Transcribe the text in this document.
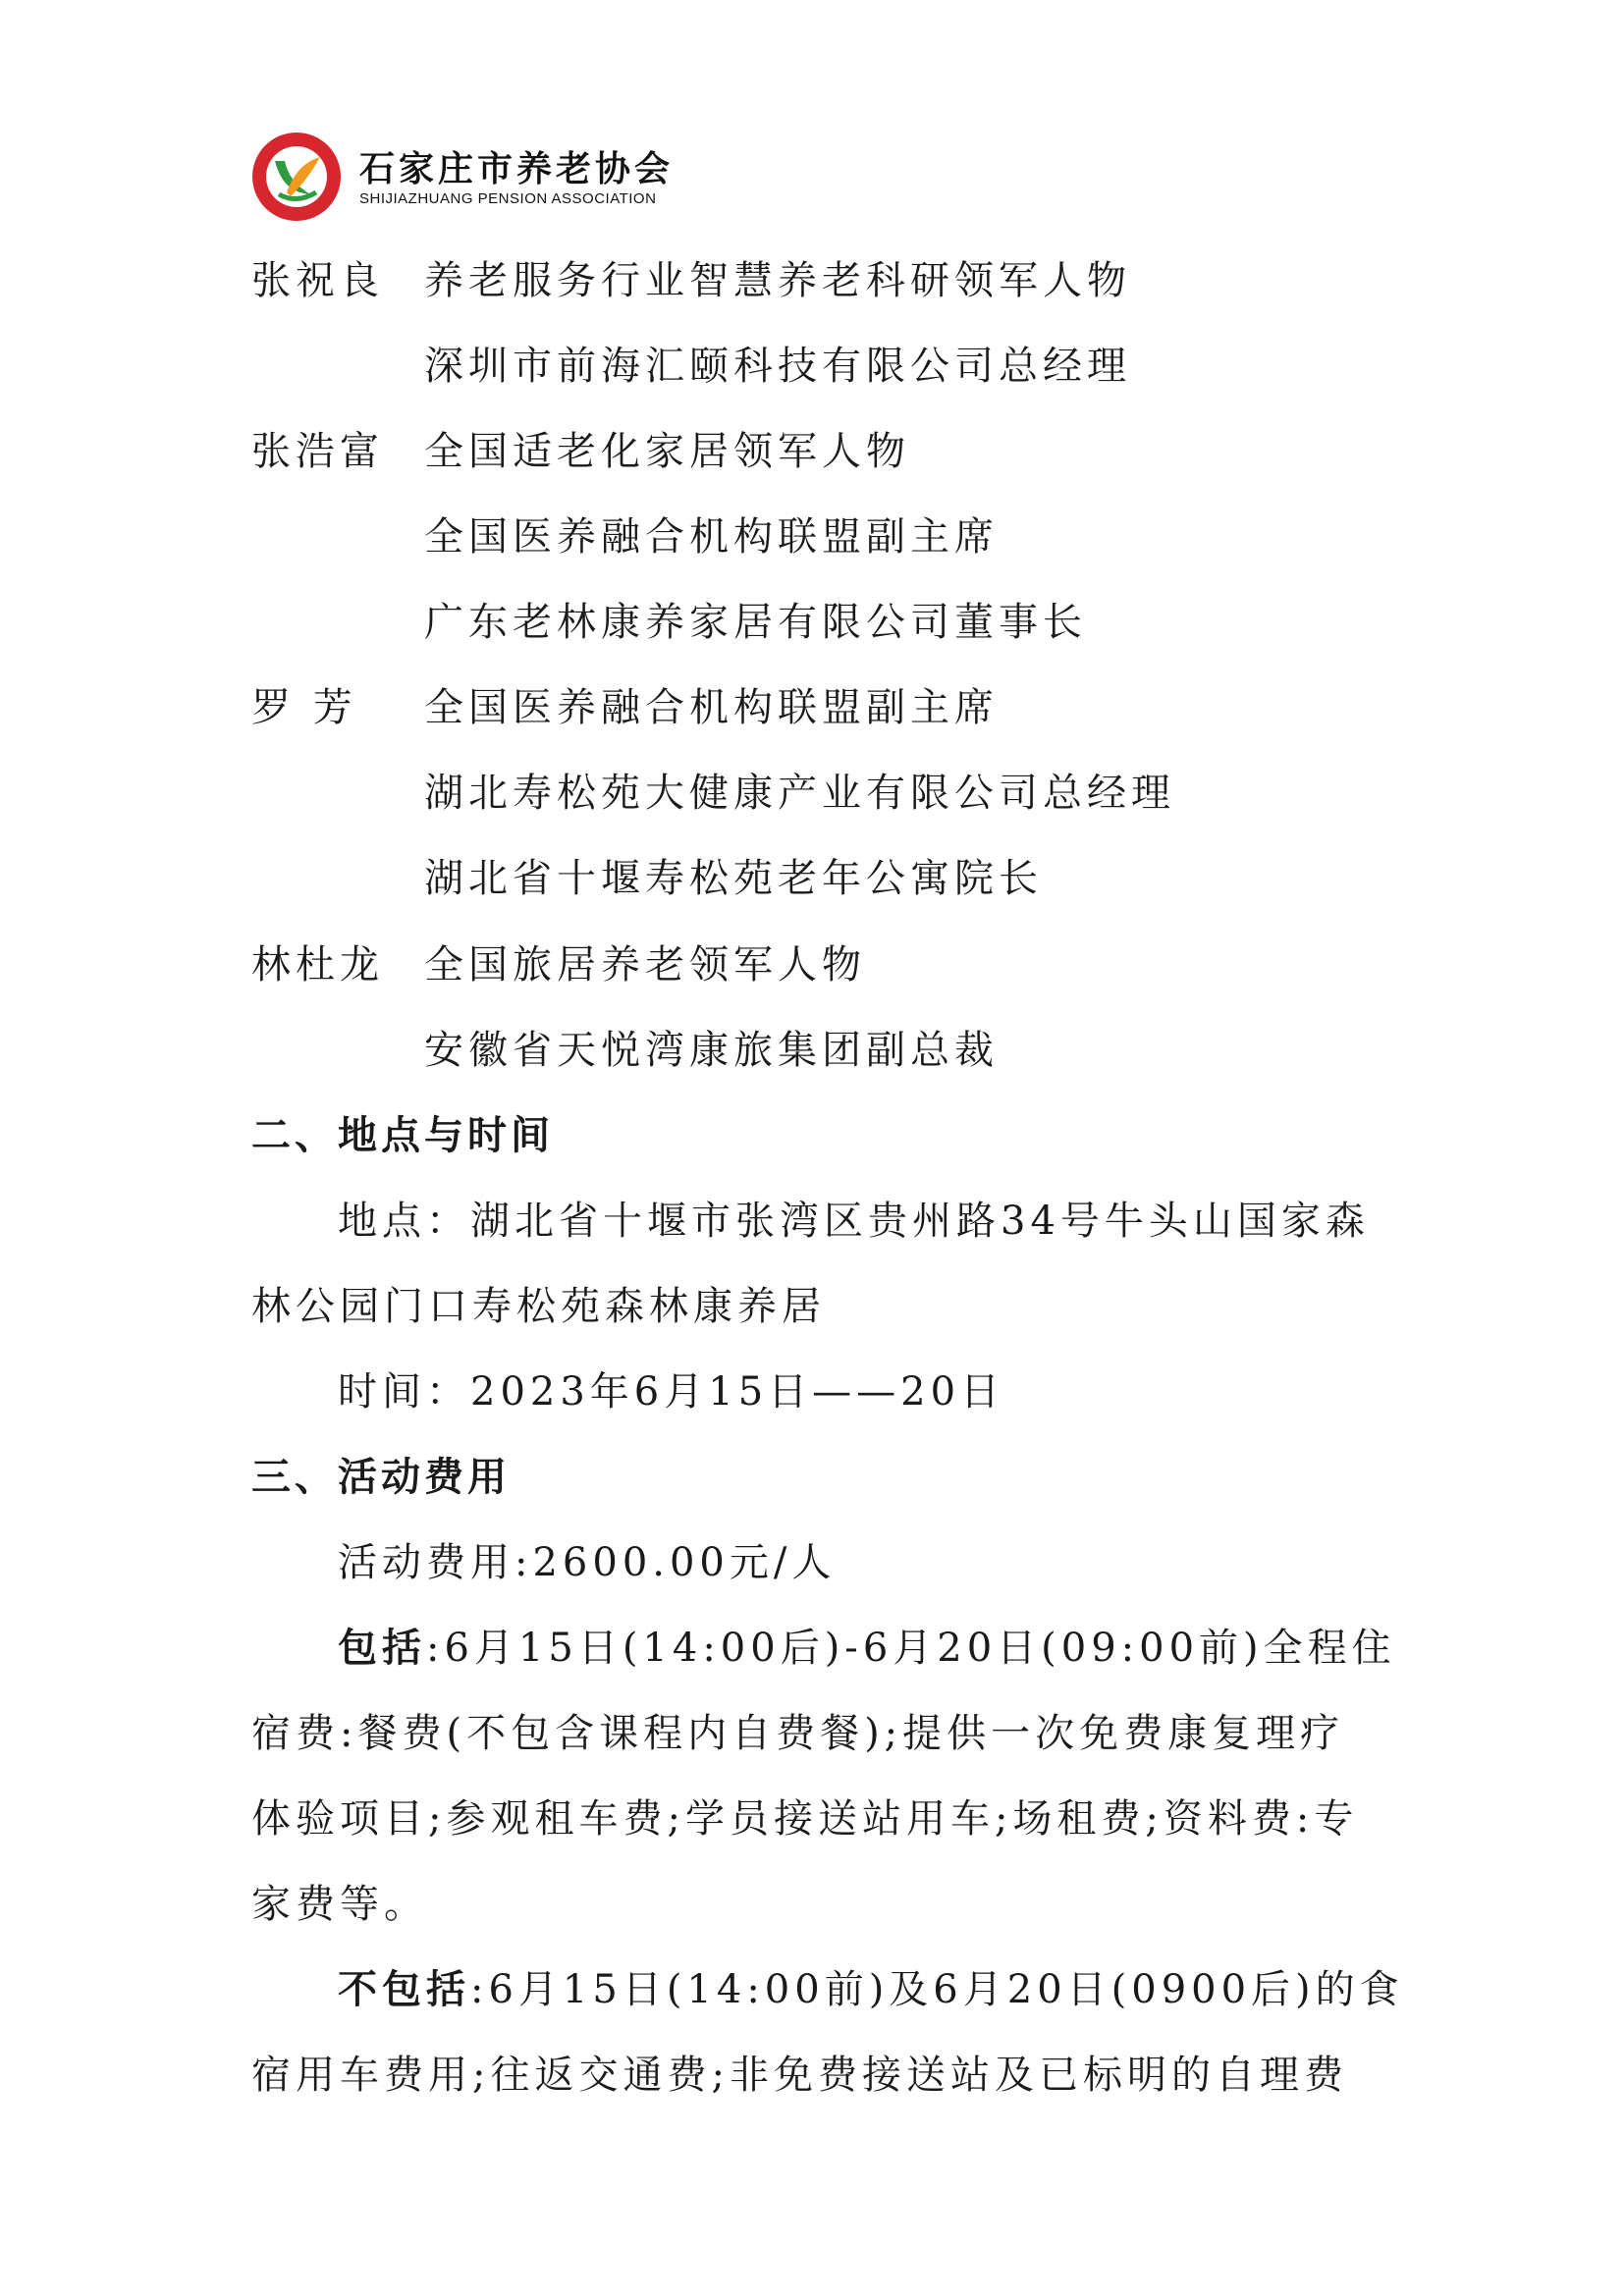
石家庄市养老协会
SHIJIAZHUANG PENSION ASSOCIATION
张祝良 养老服务行业智慧养老科研领军人物
深圳市前海汇颐科技有限公司总经理
张浩富 全国适老化家居领军人物
全国医养融合机构联盟副主席
广东老林康养家居有限公司董事长
罗 芳 全国医养融合机构联盟副主席
湖北寿松苑大健康产业有限公司总经理
湖北省十堰寿松苑老年公寓院长
林杜龙 全国旅居养老领军人物
安徽省天悦湾康旅集团副总裁
二、地点与时间
地点：湖北省十堰市张湾区贵州路34号牛头山国家森
林公园门口寿松苑森林康养居
时间：2023年6月15日——20日
三、活动费用
活动费用:2600.00元/人
包括:6月15日(14:00后)-6月20日(09:00前)全程住
宿费:餐费(不包含课程内自费餐);提供一次免费康复理疗
体验项目;参观租车费;学员接送站用车;场租费;资料费:专
家费等。
不包括:6月15日(14:00前)及6月20日(0900后)的食
宿用车费用;往返交通费;非免费接送站及已标明的自理费
